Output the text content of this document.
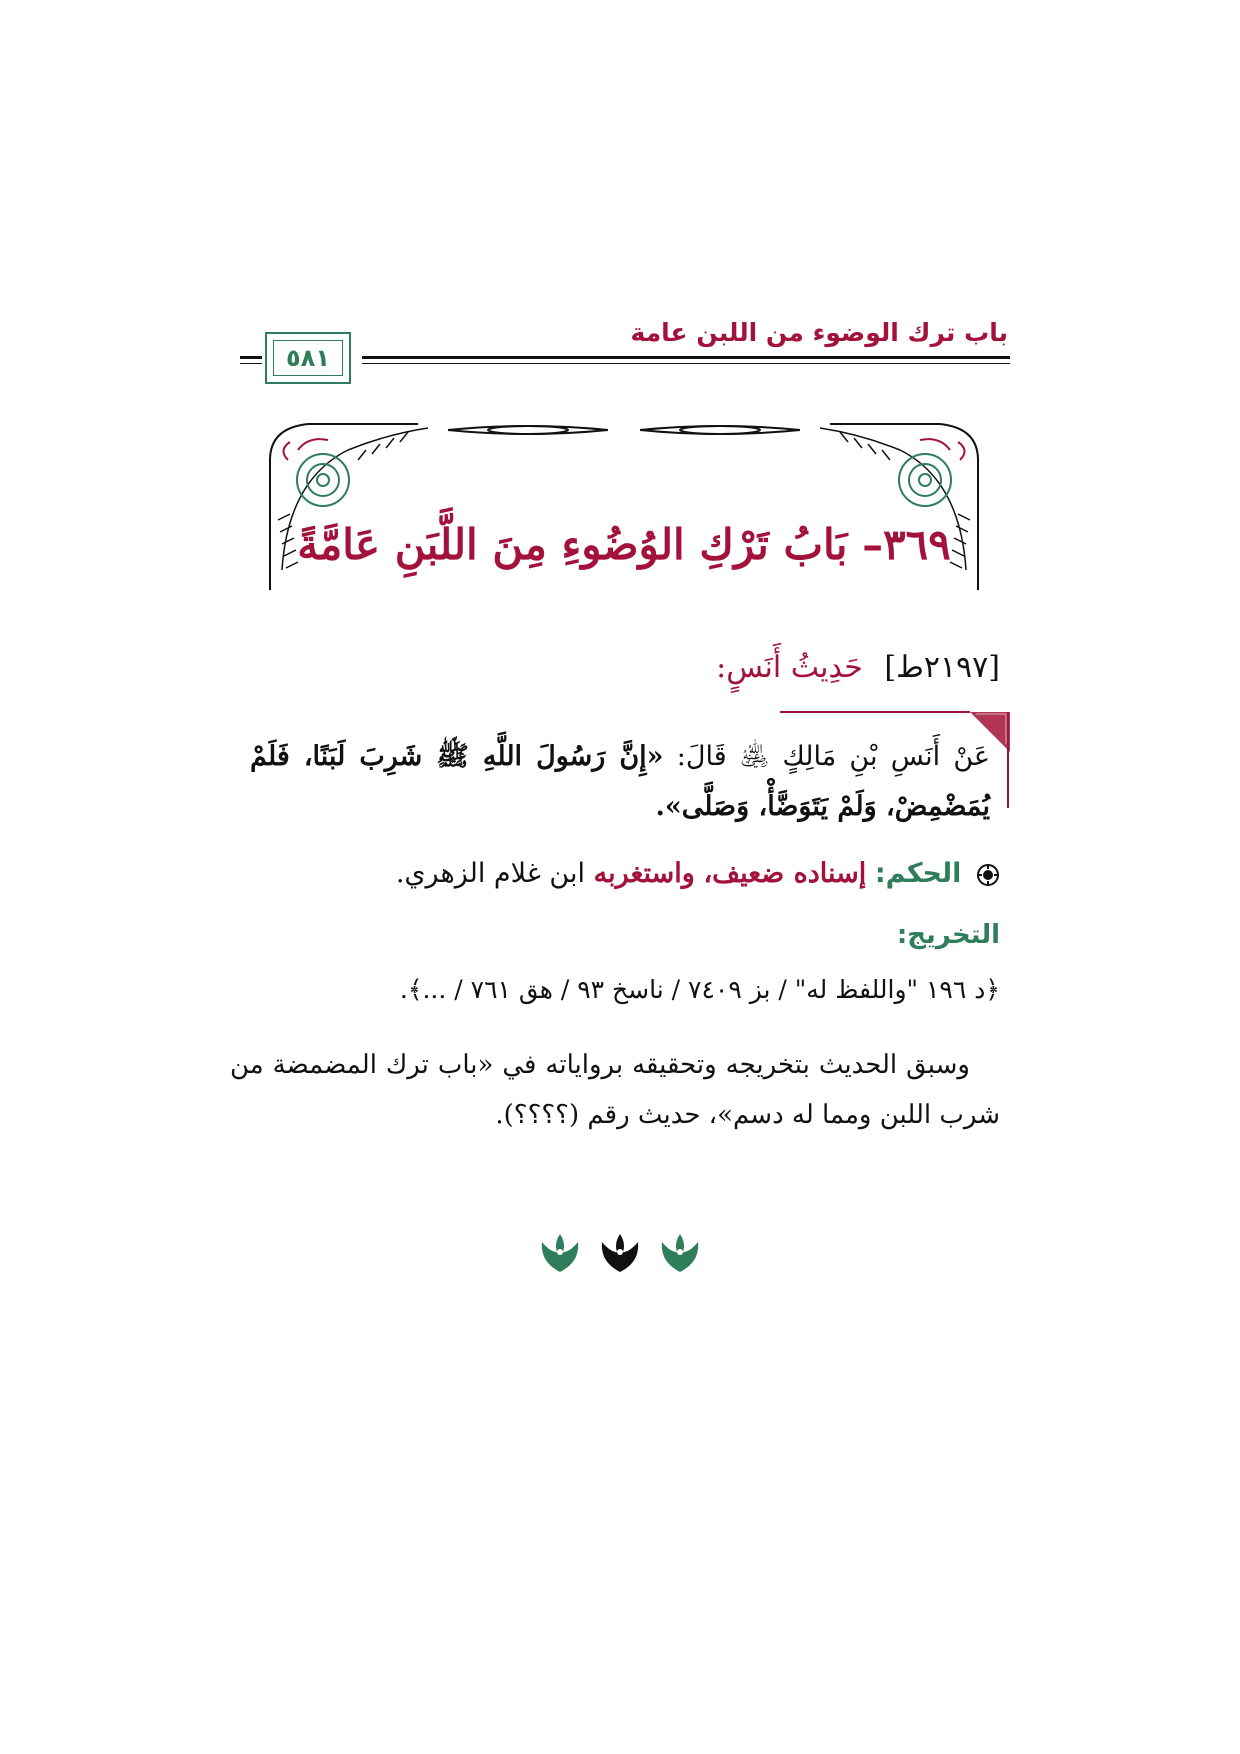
باب ترك الوضوء من اللبن عامة
٥٨١
٣٦٩– بَابُ تَرْكِ الوُضُوءِ مِنَ اللَّبَنِ عَامَّةً
[٢١٩٧ط] حَدِيثُ أَنَسٍ:
عَنْ أَنَسِ بْنِ مَالِكٍ ﵁ قَالَ: «إِنَّ رَسُولَ اللَّهِ ﷺ شَرِبَ لَبَنًا، فَلَمْ يُمَضْمِضْ، وَلَمْ يَتَوَضَّأْ، وَصَلَّى».
الحكم: إسناده ضعيف، واستغربه ابن غلام الزهري.
التخريج:
﴿د ١٩٦ "واللفظ له" / بز ٧٤٠٩ / ناسخ ٩٣ / هق ٧٦١ / ...﴾.
وسبق الحديث بتخريجه وتحقيقه برواياته في «باب ترك المضمضة من شرب اللبن ومما له دسم»، حديث رقم (؟؟؟؟).
